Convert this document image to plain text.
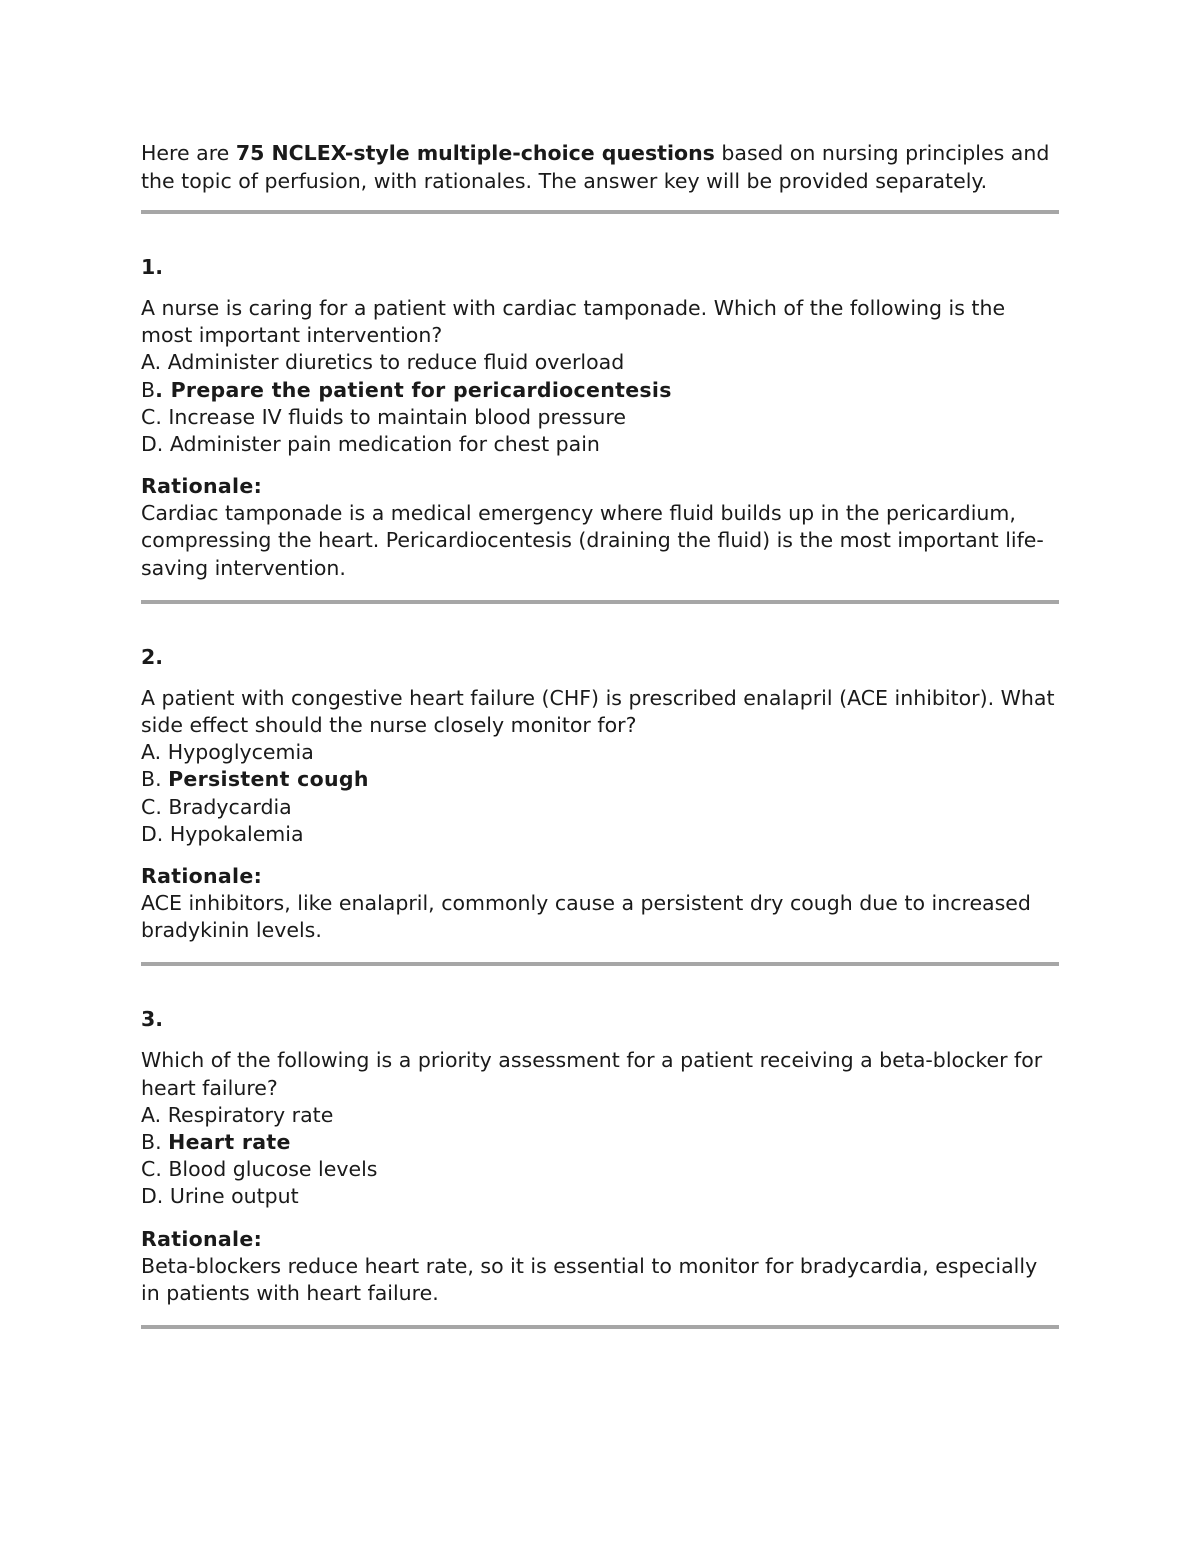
Here are 75 NCLEX-style multiple-choice questions based on nursing principles and the topic of perfusion, with rationales. The answer key will be provided separately.

1.

A nurse is caring for a patient with cardiac tamponade. Which of the following is the most important intervention?

A. Administer diuretics to reduce fluid overload

B. Prepare the patient for pericardiocentesis

C. Increase IV fluids to maintain blood pressure

D. Administer pain medication for chest pain

Rationale:

Cardiac tamponade is a medical emergency where fluid builds up in the pericardium, compressing the heart. Pericardiocentesis (draining the fluid) is the most important life-saving intervention.

2.

A patient with congestive heart failure (CHF) is prescribed enalapril (ACE inhibitor). What side effect should the nurse closely monitor for?

A. Hypoglycemia

B. Persistent cough

C. Bradycardia

D. Hypokalemia

Rationale:

ACE inhibitors, like enalapril, commonly cause a persistent dry cough due to increased bradykinin levels.

3.

Which of the following is a priority assessment for a patient receiving a beta-blocker for heart failure?

A. Respiratory rate

B. Heart rate

C. Blood glucose levels

D. Urine output

Rationale:

Beta-blockers reduce heart rate, so it is essential to monitor for bradycardia, especially in patients with heart failure.
